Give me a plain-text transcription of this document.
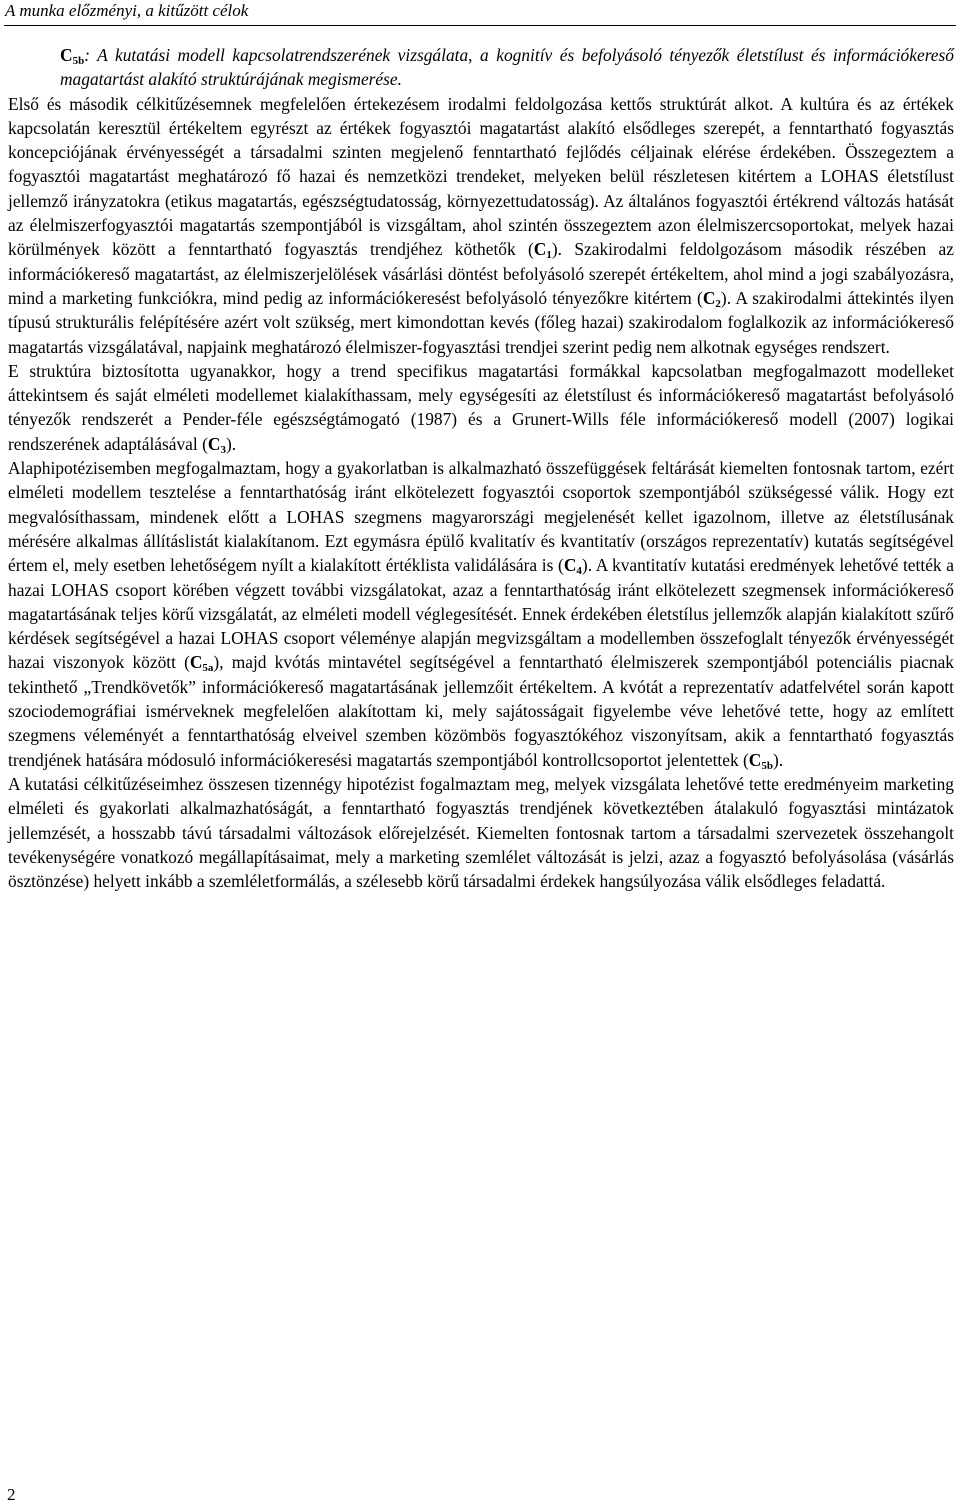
A munka előzményi, a kitűzött célok

$C_{5b}$: A kutatási modell kapcsolatrendszerének vizsgálata, a kognitív és befolyásoló tényezők életstílust és információkereső magatartást alakító struktúrájának megismerése.

Első és második célkitűzésemnek megfelelően értekezésem irodalmi feldolgozása kettős struktúrát alkot. A kultúra és az értékek kapcsolatán keresztül értékeltem egyrészt az értékek fogyasztói magatartást alakító elsődleges szerepét, a fenntartható fogyasztás koncepciójának érvényességét a társadalmi szinten megjelenő fenntartható fejlődés céljainak elérése érdekében. Összegeztem a fogyasztói magatartást meghatározó fő hazai és nemzetközi trendeket, melyeken belül részletesen kitértem a LOHAS életstílust jellemző irányzatokra (etikus magatartás, egészségtudatosság, környezettudatosság). Az általános fogyasztói értékrend változás hatását az élelmiszerfogyasztói magatartás szempontjából is vizsgáltam, ahol szintén összegeztem azon élelmiszercsoportokat, melyek hazai körülmények között a fenntartható fogyasztás trendjéhez köthetők $(C_1)$. Szakirodalmi feldolgozásom második részében az információkereső magatartást, az élelmiszerjelölések vásárlási döntést befolyásoló szerepét értékeltem, ahol mind a jogi szabályozásra, mind a marketing funkciókra, mind pedig az információkeresést befolyásoló tényezőkre kitértem $(C_2)$. A szakirodalmi áttekintés ilyen típusú strukturális felépítésére azért volt szükség, mert kimondottan kevés (főleg hazai) szakirodalom foglalkozik az információkereső magatartás vizsgálatával, napjaink meghatározó élelmiszer-fogyasztási trendjei szerint pedig nem alkotnak egységes rendszert.

E struktúra biztosította ugyanakkor, hogy a trend specifikus magatartási formákkal kapcsolatban megfogalmazott modelleket áttekintsem és saját elméleti modellemet kialakíthassam, mely egységesíti az életstílust és információkereső magatartást befolyásoló tényezők rendszerét a Pender-féle egészségtámogató (1987) és a Grunert-Wills féle információkereső modell (2007) logikai rendszerének adaptálásával $(C_3)$.

Alaphipotézisemben megfogalmaztam, hogy a gyakorlatban is alkalmazható összefüggések feltárását kiemelten fontosnak tartom, ezért elméleti modellem tesztelése a fenntarthatóság iránt elkötelezett fogyasztói csoportok szempontjából szükségessé válik. Hogy ezt megvalósíthassam, mindenek előtt a LOHAS szegmens magyarországi megjelenését kellet igazolnom, illetve az életstílusának mérésére alkalmas állításlistát kialakítanom. Ezt egymásra épülő kvalitatív és kvantitatív (országos reprezentatív) kutatás segítségével értem el, mely esetben lehetőségem nyílt a kialakított értéklista validálására is $(C_4)$. A kvantitatív kutatási eredmények lehetővé tették a hazai LOHAS csoport körében végzett további vizsgálatokat, azaz a fenntarthatóság iránt elkötelezett szegmensek információkereső magatartásának teljes körű vizsgálatát, az elméleti modell véglegesítését. Ennek érdekében életstílus jellemzők alapján kialakított szűrő kérdések segítségével a hazai LOHAS csoport véleménye alapján megvizsgáltam a modellemben összefoglalt tényezők érvényességét hazai viszonyok között $(C_{5a})$, majd kvótás mintavétel segítségével a fenntartható élelmiszerek szempontjából potenciális piacnak tekinthető „Trendkövetők” információkereső magatartásának jellemzőit értékeltem. A kvótát a reprezentatív adatfelvétel során kapott szociodemográfiai ismérveknek megfelelően alakítottam ki, mely sajátosságait figyelembe véve lehetővé tette, hogy az említett szegmens véleményét a fenntarthatóság elveivel szemben közömbös fogyasztókéhoz viszonyítsam, akik a fenntartható fogyasztás trendjének hatására módosuló információkeresési magatartás szempontjából kontrollcsoportot jelentettek $(C_{5b})$.

A kutatási célkitűzéseimhez összesen tizennégy hipotézist fogalmaztam meg, melyek vizsgálata lehetővé tette eredményeim marketing elméleti és gyakorlati alkalmazhatóságát, a fenntartható fogyasztás trendjének következtében átalakuló fogyasztási mintázatok jellemzését, a hosszabb távú társadalmi változások előrejelzését. Kiemelten fontosnak tartom a társadalmi szervezetek összehangolt tevékenységére vonatkozó megállapításaimat, mely a marketing szemlélet változását is jelzi, azaz a fogyasztó befolyásolása (vásárlás ösztönzése) helyett inkább a szemléletformálás, a szélesebb körű társadalmi érdekek hangsúlyozása válik elsődleges feladattá.

2
